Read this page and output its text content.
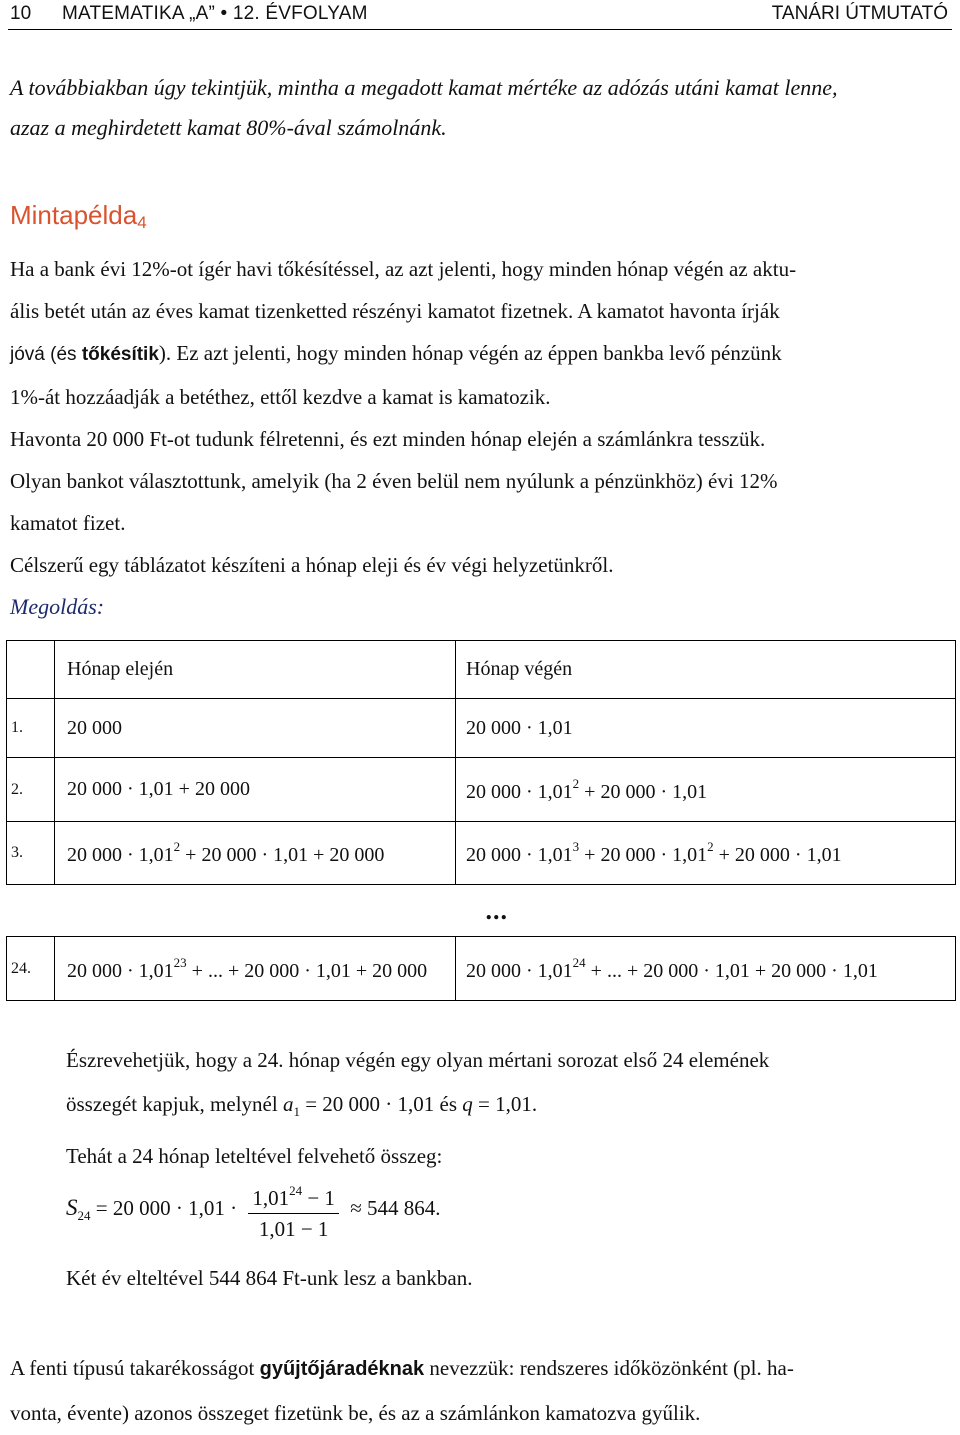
10 MATEMATIKA „A” • 12. ÉVFOLYAM	TANÁRI ÚTMUTATÓ
A továbbiakban úgy tekintjük, mintha a megadott kamat mértéke az adózás utáni kamat lenne,
azaz a meghirdetett kamat 80%-ával számolnánk.
Mintapélda$_4$
Ha a bank évi 12%-ot ígér havi tőkésítéssel, az azt jelenti, hogy minden hónap végén az aktu-
ális betét után az éves kamat tizenketted részényi kamatot fizetnek. A kamatot havonta írják
jóvá (és tőkésítik). Ez azt jelenti, hogy minden hónap végén az éppen bankba levő pénzünk
1%-át hozzáadják a betéthez, ettől kezdve a kamat is kamatozik.
Havonta 20 000 Ft-ot tudunk félretenni, és ezt minden hónap elején a számlánkra tesszük.
Olyan bankot választottunk, amelyik (ha 2 éven belül nem nyúlunk a pénzünkhöz) évi 12%
kamatot fizet.
Célszerű egy táblázatot készíteni a hónap eleji és év végi helyzetünkről.
Megoldás:
	Hónap elején	Hónap végén
1.	20 000	20 000 · 1,01
2.	20 000 · 1,01 + 20 000	20 $000 \cdot 1,01^2 + 20$ 000 · 1,01
3.	20 $000 \cdot 1,01^2 + 20$ 000 · 1,01 + 20 000	20 $000 \cdot 1,01^3 + 20$ $000 \cdot 1,01^2 + 20$ 000 · 1,01
		...
24.	20 $000 \cdot 1,01^{23}$ + ... + 20 000 · 1,01 + 20 000	20 $000 \cdot 1,01^{24}$ + ... + 20 000 · 1,01 + 20 000 · 1,01
Észrevehetjük, hogy a 24. hónap végén egy olyan mértani sorozat első 24 elemének
összegét kapjuk, melynél $a_1 = 20$ 000 · 1,01 és q = 1,01.
Tehát a 24 hónap leteltével felvehető összeg:
$S_{24} = 20$ $000 \cdot 1,01 \cdot \frac{1,01^{24} - 1}{1,01 - 1} \approx 544$ 864.
Két év elteltével 544 864 Ft-unk lesz a bankban.
A fenti típusú takarékosságot gyűjtőjáradéknak nevezzük: rendszeres időközönként (pl. ha-
vonta, évente) azonos összeget fizetünk be, és az a számlánkon kamatozva gyűlik.
